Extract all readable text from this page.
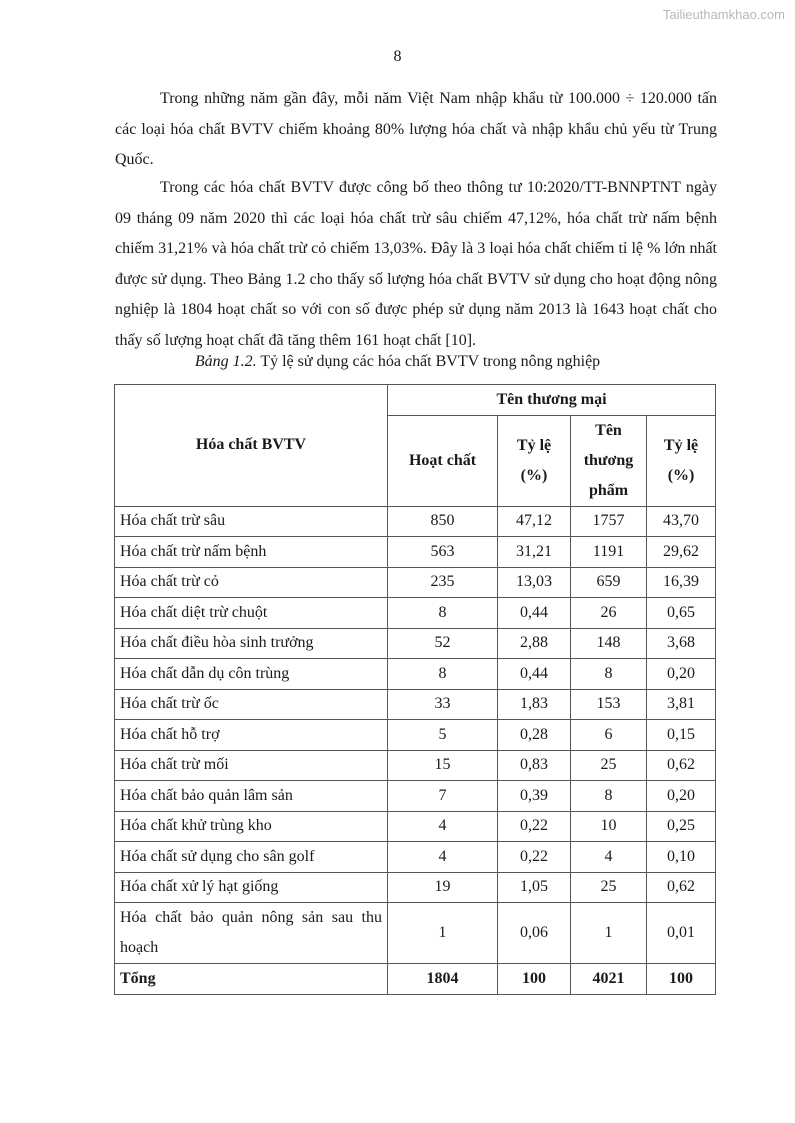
Tailieuthamkhao.com
8
Trong những năm gần đây, mỗi năm Việt Nam nhập khẩu từ 100.000 ÷ 120.000 tấn các loại hóa chất BVTV chiếm khoảng 80% lượng hóa chất và nhập khẩu chủ yếu từ Trung Quốc.
Trong các hóa chất BVTV được công bố theo thông tư 10:2020/TT-BNNPTNT ngày 09 tháng 09 năm 2020 thì các loại hóa chất trừ sâu chiếm 47,12%, hóa chất trừ nấm bệnh chiếm 31,21% và hóa chất trừ cỏ chiếm 13,03%. Đây là 3 loại hóa chất chiếm tỉ lệ % lớn nhất được sử dụng. Theo Bảng 1.2 cho thấy số lượng hóa chất BVTV sử dụng cho hoạt động nông nghiệp là 1804 hoạt chất so với con số được phép sử dụng năm 2013 là 1643 hoạt chất cho thấy số lượng hoạt chất đã tăng thêm 161 hoạt chất [10].
Bảng 1.2. Tỷ lệ sử dụng các hóa chất BVTV trong nông nghiệp
Hóa chất BVTV	Tên thương mại			
	Hoạt chất	Tỷ lệ (%)	Tên thương phẩm	Tỷ lệ (%)
Hóa chất trừ sâu	850	47,12	1757	43,70
Hóa chất trừ nấm bệnh	563	31,21	1191	29,62
Hóa chất trừ cỏ	235	13,03	659	16,39
Hóa chất diệt trừ chuột	8	0,44	26	0,65
Hóa chất điều hòa sinh trưởng	52	2,88	148	3,68
Hóa chất dẫn dụ côn trùng	8	0,44	8	0,20
Hóa chất trừ ốc	33	1,83	153	3,81
Hóa chất hỗ trợ	5	0,28	6	0,15
Hóa chất trừ mối	15	0,83	25	0,62
Hóa chất bảo quản lâm sản	7	0,39	8	0,20
Hóa chất khử trùng kho	4	0,22	10	0,25
Hóa chất sử dụng cho sân golf	4	0,22	4	0,10
Hóa chất xử lý hạt giống	19	1,05	25	0,62
Hóa chất bảo quản nông sản sau thu hoạch	1	0,06	1	0,01
Tổng	1804	100	4021	100
